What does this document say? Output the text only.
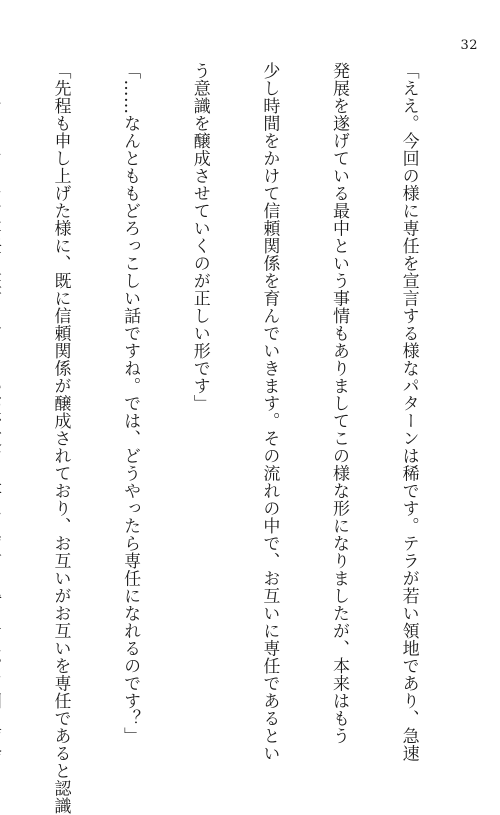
32

「ええ。今回の様に専任を宣言する様なパターンは稀です。テラが若い領地であり、急速

発展を遂げている最中という事情もありましてこの様な形になりましたが、本来はもう

少し時間をかけて信頼関係を育んでいきます。その流れの中で、お互いに専任であるとい

う意識を醸成させていくのが正しい形です」

「……なんとももどろっこしい話ですね。では、どうやったら専任になれるのです？」

「先程も申し上げた様に、既に信頼関係が醸成されており、お互いがお互いを専任であると認識
